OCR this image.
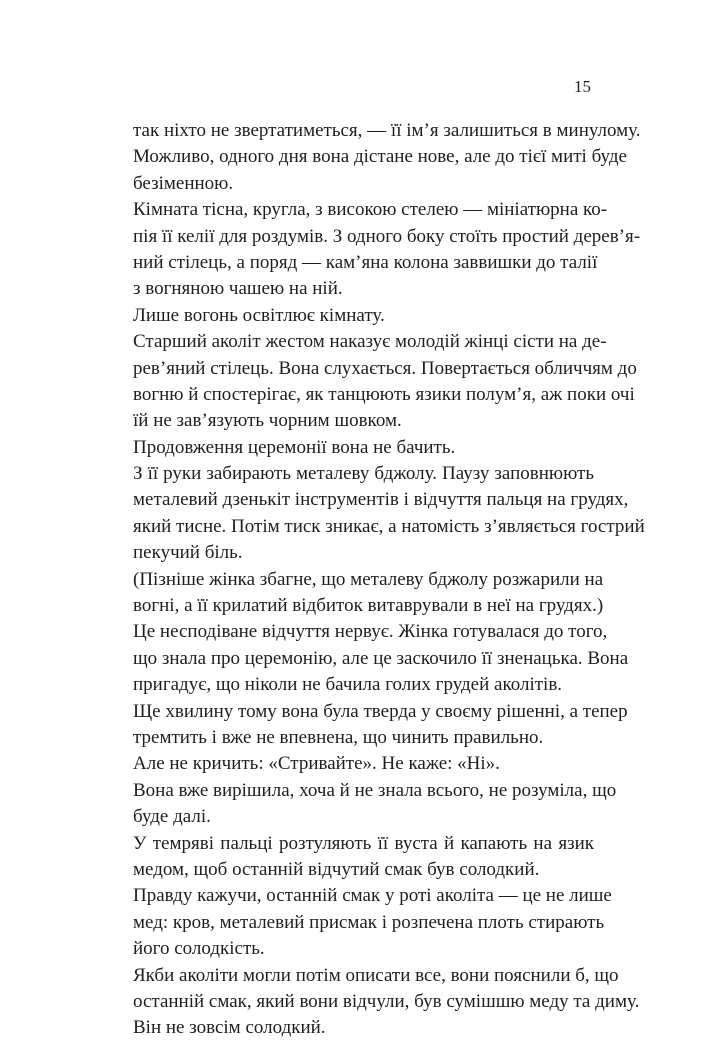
15
так ніхто не звертатиметься, — її ім’я залишиться в минулому.
Можливо, одного дня вона дістане нове, але до тієї миті буде
безіменною.
Кімната тісна, кругла, з високою стелею — мініатюрна ко-
пія її келії для роздумів. З одного боку стоїть простий дерев’я-
ний стілець, а поряд — кам’яна колона заввишки до талії
з вогняною чашею на ній.
Лише вогонь освітлює кімнату.
Старший аколіт жестом наказує молодій жінці сісти на де-
рев’яний стілець. Вона слухається. Повертається обличчям до
вогню й спостерігає, як танцюють язики полум’я, аж поки очі
їй не зав’язують чорним шовком.
Продовження церемонії вона не бачить.
З її руки забирають металеву бджолу. Паузу заповнюють
металевий дзенькіт інструментів і відчуття пальця на грудях,
який тисне. Потім тиск зникає, а натомість з’являється гострий
пекучий біль.
(Пізніше жінка збагне, що металеву бджолу розжарили на
вогні, а її крилатий відбиток витаврували в неї на грудях.)
Це несподіване відчуття нервує. Жінка готувалася до того,
що знала про церемонію, але це заскочило її зненацька. Вона
пригадує, що ніколи не бачила голих грудей аколітів.
Ще хвилину тому вона була тверда у своєму рішенні, а тепер
тремтить і вже не впевнена, що чинить правильно.
Але не кричить: «Стривайте». Не каже: «Ні».
Вона вже вирішила, хоча й не знала всього, не розуміла, що
буде далі.
У темряві пальці розтуляють її вуста й капають на язик
медом, щоб останній відчутий смак був солодкий.
Правду кажучи, останній смак у роті аколіта — це не лише
мед: кров, металевий присмак і розпечена плоть стирають
його солодкість.
Якби аколіти могли потім описати все, вони пояснили б, що
останній смак, який вони відчули, був сумішшю меду та диму.
Він не зовсім солодкий.
